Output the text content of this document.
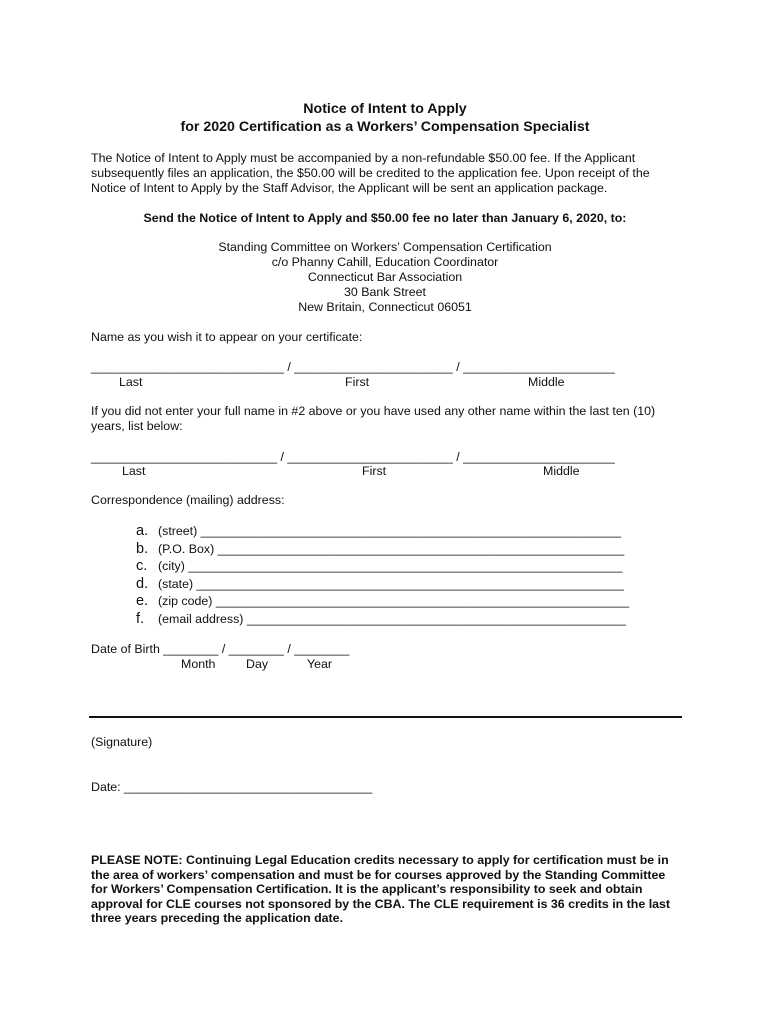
Notice of Intent to Apply
for 2020 Certification as a Workers’ Compensation Specialist
The Notice of Intent to Apply must be accompanied by a non-refundable $50.00 fee. If the Applicant subsequently files an application, the $50.00 will be credited to the application fee. Upon receipt of the Notice of Intent to Apply by the Staff Advisor, the Applicant will be sent an application package.
Send the Notice of Intent to Apply and $50.00 fee no later than January 6, 2020, to:
Standing Committee on Workers’ Compensation Certification
c/o Phanny Cahill, Education Coordinator
Connecticut Bar Association
30 Bank Street
New Britain, Connecticut 06051
Name as you wish it to appear on your certificate:
____________________________ / _______________________ / ______________________
Last	First	Middle
If you did not enter your full name in #2 above or you have used any other name within the last ten (10) years, list below:
___________________________ / ________________________ / ______________________
Last	First	Middle
Correspondence (mailing) address:
a. (street) _____________________________________________________________
b. (P.O. Box) ___________________________________________________________
c. (city) _______________________________________________________________
d. (state) ______________________________________________________________
e. (zip code) ____________________________________________________________
f. (email address) _______________________________________________________
Date of Birth ________ / ________ / ________
Month Day	Year
(Signature)
Date: ____________________________________
PLEASE NOTE: Continuing Legal Education credits necessary to apply for certification must be in the area of workers’ compensation and must be for courses approved by the Standing Committee for Workers’ Compensation Certification. It is the applicant’s responsibility to seek and obtain approval for CLE courses not sponsored by the CBA. The CLE requirement is 36 credits in the last three years preceding the application date.
